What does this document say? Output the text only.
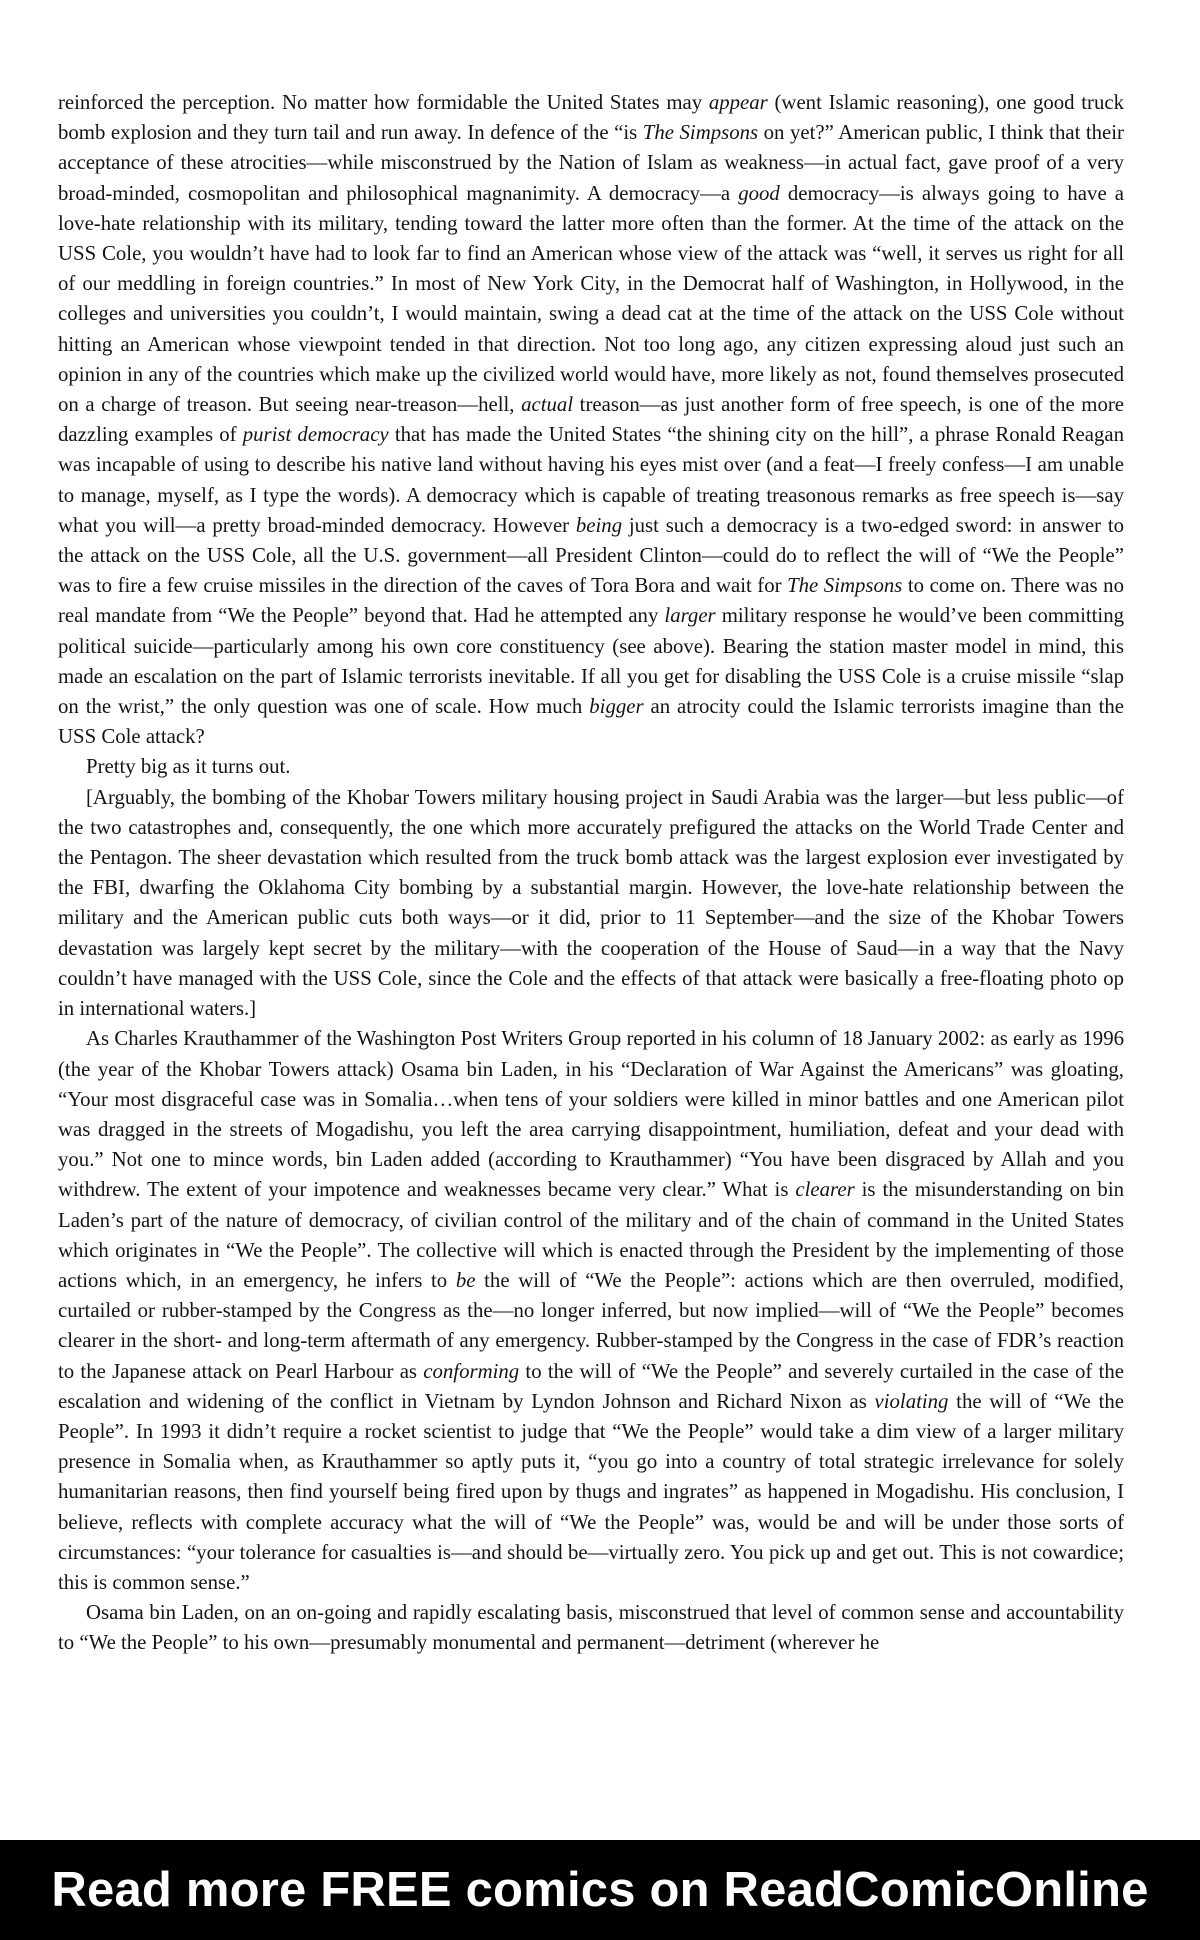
reinforced the perception. No matter how formidable the United States may appear (went Islamic reasoning), one good truck bomb explosion and they turn tail and run away. In defence of the “is The Simpsons on yet?” American public, I think that their acceptance of these atrocities—while misconstrued by the Nation of Islam as weakness—in actual fact, gave proof of a very broad-minded, cosmopolitan and philosophical magnanimity. A democracy—a good democracy—is always going to have a love-hate relationship with its military, tending toward the latter more often than the former. At the time of the attack on the USS Cole, you wouldn’t have had to look far to find an American whose view of the attack was “well, it serves us right for all of our meddling in foreign countries.” In most of New York City, in the Democrat half of Washington, in Hollywood, in the colleges and universities you couldn’t, I would maintain, swing a dead cat at the time of the attack on the USS Cole without hitting an American whose viewpoint tended in that direction. Not too long ago, any citizen expressing aloud just such an opinion in any of the countries which make up the civilized world would have, more likely as not, found themselves prosecuted on a charge of treason. But seeing near-treason—hell, actual treason—as just another form of free speech, is one of the more dazzling examples of purist democracy that has made the United States “the shining city on the hill”, a phrase Ronald Reagan was incapable of using to describe his native land without having his eyes mist over (and a feat—I freely confess—I am unable to manage, myself, as I type the words). A democracy which is capable of treating treasonous remarks as free speech is—say what you will—a pretty broad-minded democracy. However being just such a democracy is a two-edged sword: in answer to the attack on the USS Cole, all the U.S. government—all President Clinton—could do to reflect the will of “We the People” was to fire a few cruise missiles in the direction of the caves of Tora Bora and wait for The Simpsons to come on. There was no real mandate from “We the People” beyond that. Had he attempted any larger military response he would’ve been committing political suicide—particularly among his own core constituency (see above). Bearing the station master model in mind, this made an escalation on the part of Islamic terrorists inevitable. If all you get for disabling the USS Cole is a cruise missile “slap on the wrist,” the only question was one of scale. How much bigger an atrocity could the Islamic terrorists imagine than the USS Cole attack?

Pretty big as it turns out.

[Arguably, the bombing of the Khobar Towers military housing project in Saudi Arabia was the larger—but less public—of the two catastrophes and, consequently, the one which more accurately prefigured the attacks on the World Trade Center and the Pentagon. The sheer devastation which resulted from the truck bomb attack was the largest explosion ever investigated by the FBI, dwarfing the Oklahoma City bombing by a substantial margin. However, the love-hate relationship between the military and the American public cuts both ways—or it did, prior to 11 September—and the size of the Khobar Towers devastation was largely kept secret by the military—with the cooperation of the House of Saud—in a way that the Navy couldn’t have managed with the USS Cole, since the Cole and the effects of that attack were basically a free-floating photo op in international waters.]

As Charles Krauthammer of the Washington Post Writers Group reported in his column of 18 January 2002: as early as 1996 (the year of the Khobar Towers attack) Osama bin Laden, in his “Declaration of War Against the Americans” was gloating, “Your most disgraceful case was in Somalia…when tens of your soldiers were killed in minor battles and one American pilot was dragged in the streets of Mogadishu, you left the area carrying disappointment, humiliation, defeat and your dead with you.” Not one to mince words, bin Laden added (according to Krauthammer) “You have been disgraced by Allah and you withdrew. The extent of your impotence and weaknesses became very clear.” What is clearer is the misunderstanding on bin Laden’s part of the nature of democracy, of civilian control of the military and of the chain of command in the United States which originates in “We the People”. The collective will which is enacted through the President by the implementing of those actions which, in an emergency, he infers to be the will of “We the People”: actions which are then overruled, modified, curtailed or rubber-stamped by the Congress as the—no longer inferred, but now implied—will of “We the People” becomes clearer in the short- and long-term aftermath of any emergency. Rubber-stamped by the Congress in the case of FDR’s reaction to the Japanese attack on Pearl Harbour as conforming to the will of “We the People” and severely curtailed in the case of the escalation and widening of the conflict in Vietnam by Lyndon Johnson and Richard Nixon as violating the will of “We the People”. In 1993 it didn’t require a rocket scientist to judge that “We the People” would take a dim view of a larger military presence in Somalia when, as Krauthammer so aptly puts it, “you go into a country of total strategic irrelevance for solely humanitarian reasons, then find yourself being fired upon by thugs and ingrates” as happened in Mogadishu. His conclusion, I believe, reflects with complete accuracy what the will of “We the People” was, would be and will be under those sorts of circumstances: “your tolerance for casualties is—and should be—virtually zero. You pick up and get out. This is not cowardice; this is common sense.”

Osama bin Laden, on an on-going and rapidly escalating basis, misconstrued that level of common sense and accountability to “We the People” to his own—presumably monumental and permanent—detriment (wherever he

Read more FREE comics on ReadComicOnline
